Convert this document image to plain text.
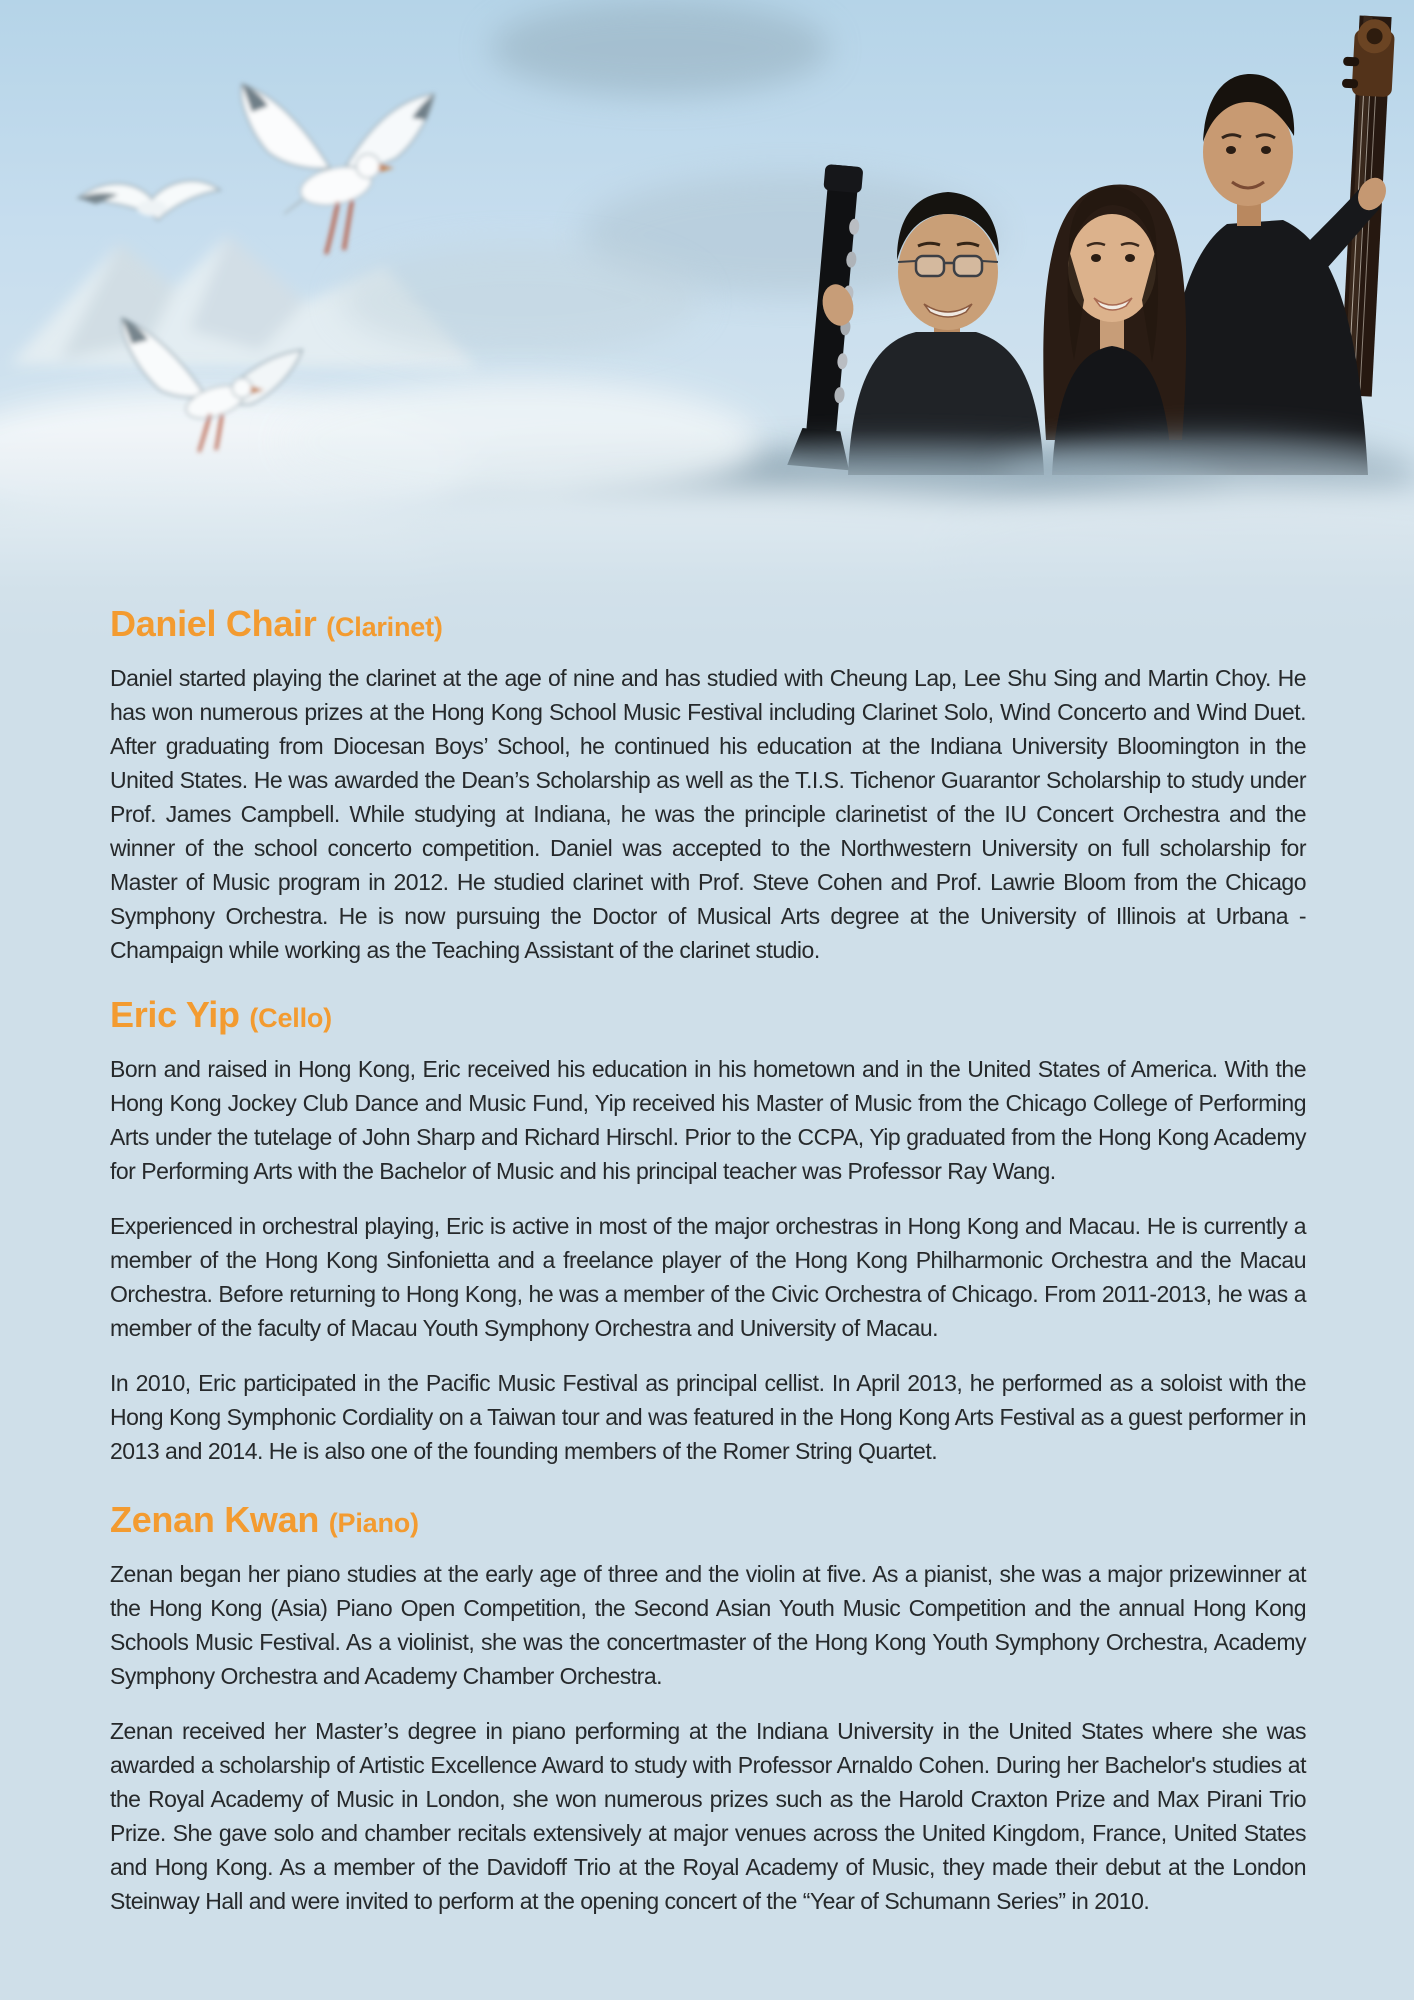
Daniel Chair (Clarinet)

Daniel started playing the clarinet at the age of nine and has studied with Cheung Lap, Lee Shu Sing and Martin Choy. He has won numerous prizes at the Hong Kong School Music Festival including Clarinet Solo, Wind Concerto and Wind Duet. After graduating from Diocesan Boys’ School, he continued his education at the Indiana University Bloomington in the United States. He was awarded the Dean’s Scholarship as well as the T.I.S. Tichenor Guarantor Scholarship to study under Prof. James Campbell. While studying at Indiana, he was the principle clarinetist of the IU Concert Orchestra and the winner of the school concerto competition. Daniel was accepted to the Northwestern University on full scholarship for Master of Music program in 2012. He studied clarinet with Prof. Steve Cohen and Prof. Lawrie Bloom from the Chicago Symphony Orchestra. He is now pursuing the Doctor of Musical Arts degree at the University of Illinois at Urbana - Champaign while working as the Teaching Assistant of the clarinet studio.

Eric Yip (Cello)

Born and raised in Hong Kong, Eric received his education in his hometown and in the United States of America. With the Hong Kong Jockey Club Dance and Music Fund, Yip received his Master of Music from the Chicago College of Performing Arts under the tutelage of John Sharp and Richard Hirschl. Prior to the CCPA, Yip graduated from the Hong Kong Academy for Performing Arts with the Bachelor of Music and his principal teacher was Professor Ray Wang.

Experienced in orchestral playing, Eric is active in most of the major orchestras in Hong Kong and Macau. He is currently a member of the Hong Kong Sinfonietta and a freelance player of the Hong Kong Philharmonic Orchestra and the Macau Orchestra. Before returning to Hong Kong, he was a member of the Civic Orchestra of Chicago. From 2011-2013, he was a member of the faculty of Macau Youth Symphony Orchestra and University of Macau.

In 2010, Eric participated in the Pacific Music Festival as principal cellist. In April 2013, he performed as a soloist with the Hong Kong Symphonic Cordiality on a Taiwan tour and was featured in the Hong Kong Arts Festival as a guest performer in 2013 and 2014. He is also one of the founding members of the Romer String Quartet.

Zenan Kwan (Piano)

Zenan began her piano studies at the early age of three and the violin at five. As a pianist, she was a major prizewinner at the Hong Kong (Asia) Piano Open Competition, the Second Asian Youth Music Competition and the annual Hong Kong Schools Music Festival. As a violinist, she was the concertmaster of the Hong Kong Youth Symphony Orchestra, Academy Symphony Orchestra and Academy Chamber Orchestra.

Zenan received her Master’s degree in piano performing at the Indiana University in the United States where she was awarded a scholarship of Artistic Excellence Award to study with Professor Arnaldo Cohen. During her Bachelor's studies at the Royal Academy of Music in London, she won numerous prizes such as the Harold Craxton Prize and Max Pirani Trio Prize. She gave solo and chamber recitals extensively at major venues across the United Kingdom, France, United States and Hong Kong. As a member of the Davidoff Trio at the Royal Academy of Music, they made their debut at the London Steinway Hall and were invited to perform at the opening concert of the “Year of Schumann Series” in 2010.
